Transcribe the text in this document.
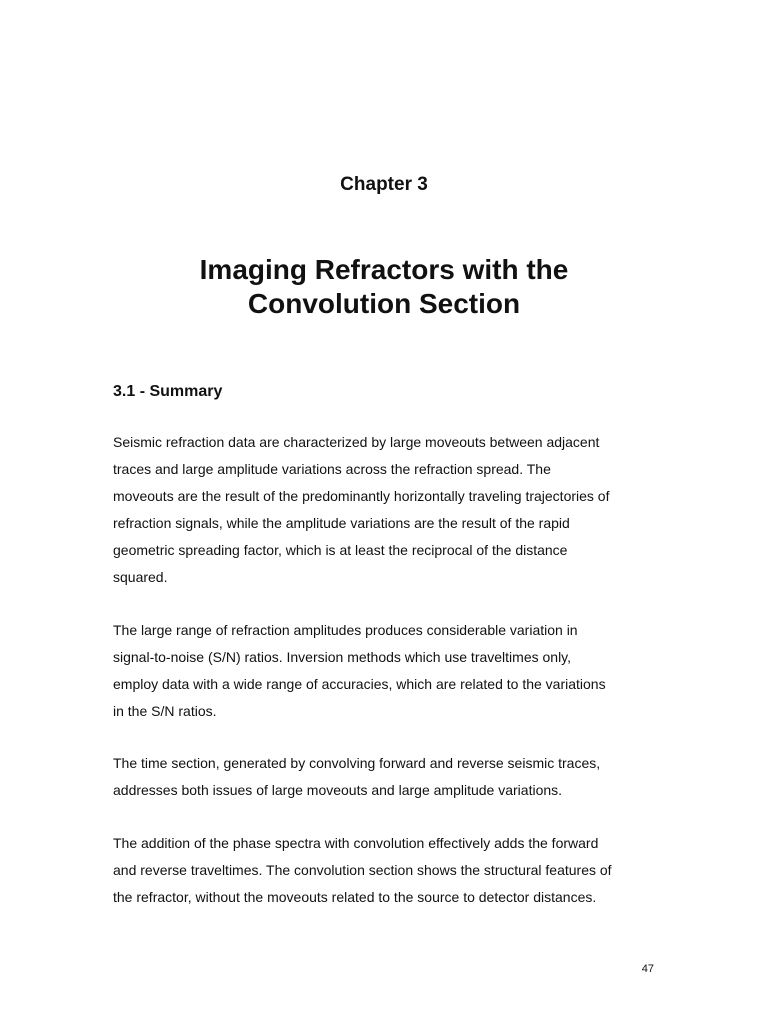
Chapter 3
Imaging Refractors with the
Convolution Section
3.1 - Summary

Seismic refraction data are characterized by large moveouts between adjacent
traces and large amplitude variations across the refraction spread. The
moveouts are the result of the predominantly horizontally traveling trajectories of
refraction signals, while the amplitude variations are the result of the rapid
geometric spreading factor, which is at least the reciprocal of the distance
squared.

The large range of refraction amplitudes produces considerable variation in
signal-to-noise (S/N) ratios. Inversion methods which use traveltimes only,
employ data with a wide range of accuracies, which are related to the variations
in the S/N ratios.

The time section, generated by convolving forward and reverse seismic traces,
addresses both issues of large moveouts and large amplitude variations.

The addition of the phase spectra with convolution effectively adds the forward
and reverse traveltimes. The convolution section shows the structural features of
the refractor, without the moveouts related to the source to detector distances.

47
